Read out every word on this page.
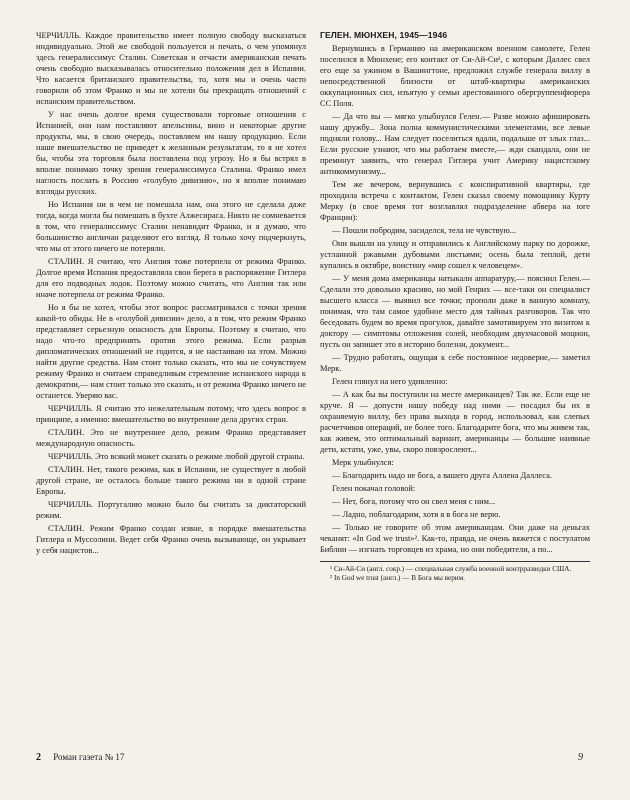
ЧЕРЧИЛЛЬ. Каждое правительство имеет полную свободу высказаться индивидуально. Этой же свободой пользуется и печать, о чем упомянул здесь генералиссимус Сталин. Советская и отчасти американская печать очень свободно высказывалась относительно положения дел в Испании. Что касается британского правительства, то, хотя мы и очень часто говорили об этом Франко и мы не хотели бы прекращать отношений с испанским правительством.

У нас очень долгое время существовали торговые отношения с Испанией, они нам поставляют апельсины, вино и некоторые другие продукты, мы, в свою очередь, поставляем им нашу продукцию. Если наше вмешательство не приведет к желанным результатам, то я не хотел бы, чтобы эта торговля была поставлена под угрозу. Но я бы встрял в вполне понимаю точку зрения генералиссимуса Сталина. Франко имел наглость послать в Россию «голубую дивизию», но я вполне понимаю взгляды русских.

Но Испания ни в чем не помешала нам, она этого не сделала даже тогда, когда могла бы помешать в бухте Алжесираса. Никто не сомневается в том, что генералиссимус Сталин ненавидит Франко, и я думаю, что большинство англичан разделяют его взгляд. Я только хочу подчеркнуть, что мы от этого ничего не потеряли.

СТАЛИН. Я считаю, что Англия тоже потерпела от режима Франко. Долгое время Испания предоставляла свои берега в распоряжение Гитлера для его подводных лодок. Поэтому можно считать, что Англия так или иначе потерпела от режима Франко.

Но я бы не хотел, чтобы этот вопрос рассматривался с точки зрения какой-то обиды. Не в «голубой дивизии» дело, а в том, что режим Франко представляет серьезную опасность для Европы. Поэтому я считаю, что надо что-то предпринять против этого режима. Если разрыв дипломатических отношений не годится, я не настаиваю на этом. Можно найти другие средства. Нам стоит только сказать, что мы не сочувствуем режиму Франко и считаем справедливым стремление испанского народа к демократии,— нам стоит только это сказать, и от режима Франко ничего не останется. Уверяю вас.

ЧЕРЧИЛЛЬ. Я считаю это нежелательным потому, что здесь вопрос в принципе, а именно: вмешательство во внутренние дела других стран.

СТАЛИН. Это не внутреннее дело, режим Франко представляет международную опасность.

ЧЕРЧИЛЛЬ. Это всякий может сказать о режиме любой другой страны.

СТАЛИН. Нет, такого режима, как в Испании, не существует в любой другой стране, не осталось больше такого режима ни в одной стране Европы.

ЧЕРЧИЛЛЬ. Португалию можно было бы считать за диктаторский режим.

СТАЛИН. Режим Франко создан извне, в порядке вмешательства Гитлера и Муссолини. Ведет себя Франко очень вызывающе, он укрывает у себя нацистов...

ГЕЛЕН. МЮНХЕН, 1945—1946

Вернувшись в Германию на американском военном самолете, Гелен поселился в Мюнхене; его контакт от Си-Ай-Си¹, с которым Даллес свел его еще за ужином в Вашингтоне, предложил службе генерала виллу в непосредственной близости от штаб-квартиры американских оккупационных сил, изъятую у семьи арестованного обергруппенфюрера СС Поля.

— Да что вы — мягко улыбнулся Гелен.— Разве можно афишировать нашу дружбу... Зона полна коммунистическими элементами, все левые подняли голову... Нам следует поселиться вдали, подальше от злых глаз... Если русские узнают, что мы работаем вместе,— жди скандала, они не преминут заявить, что генерал Гитлера учит Америку нацистскому антикоммунизму...

Тем же вечером, вернувшись с конспиративной квартиры, где проходила встреча с контактом, Гелен сказал своему помощнику Курту Мерку (в свое время тот возглавлял подразделение абвера на юге Франции):

— Пошли побродим, засиделся, тела не чувствую...

Они вышли на улицу и отправились к Английскому парку по дорожке, устланной ржавыми дубовыми листьями; осень была теплой, дети купались в октябре, воистину «мир сошел к человецем».

— У меня дома американцы натыкали аппаратуру,— пояснил Гелен.— Сделали это довольно красиво, но мой Генрих — все-таки он специалист высшего класса — выявил все точки; прополи даже в ванную комнату, понимая, что там самое удобное место для тайных разговоров. Так что беседовать будем во время прогулок, давайте замотивируем это визитом к доктору — симптомы отложения солей, необходим двухчасовой моцион, пусть он запишет это в историю болезни, документ...

— Трудно работать, ощущая к себе постоянное недоверие,— заметил Мерк.

Гелен глянул на него удивленно:

— А как бы вы поступили на месте американцев? Так же. Если еще не круче. Я — допусти нашу победу над ними — посадил бы их в охраняемую виллу, без права выхода в город, использовал, как слепых расчетчиков операций, не более того. Благодарите бога, что мы живем так, как живем, это оптимальный вариант, американцы — большие наивные дети, кстати, уже, увы, скоро повзрослеют...

Мерк улыбнулся:

— Благодарить надо не бога, а вашего друга Аллена Даллеса.

Гелен покачал головой:

— Нет, бога, потому что он свел меня с ним...

— Ладно, поблагодарим, хотя я в бога не верю.

— Только не говорите об этом американцам. Они даже на деньгах чеканят: «In God we trust»². Как-то, правда, не очень вяжется с постулатом Библии — изгнать торговцев из храма, но они победители, а по...

¹ Си-Ай-Си (англ. сокр.) — специальная служба военной контрразведки США.

² In God we trust (англ.) — В Бога мы верим.

2 Роман газета № 17	9
